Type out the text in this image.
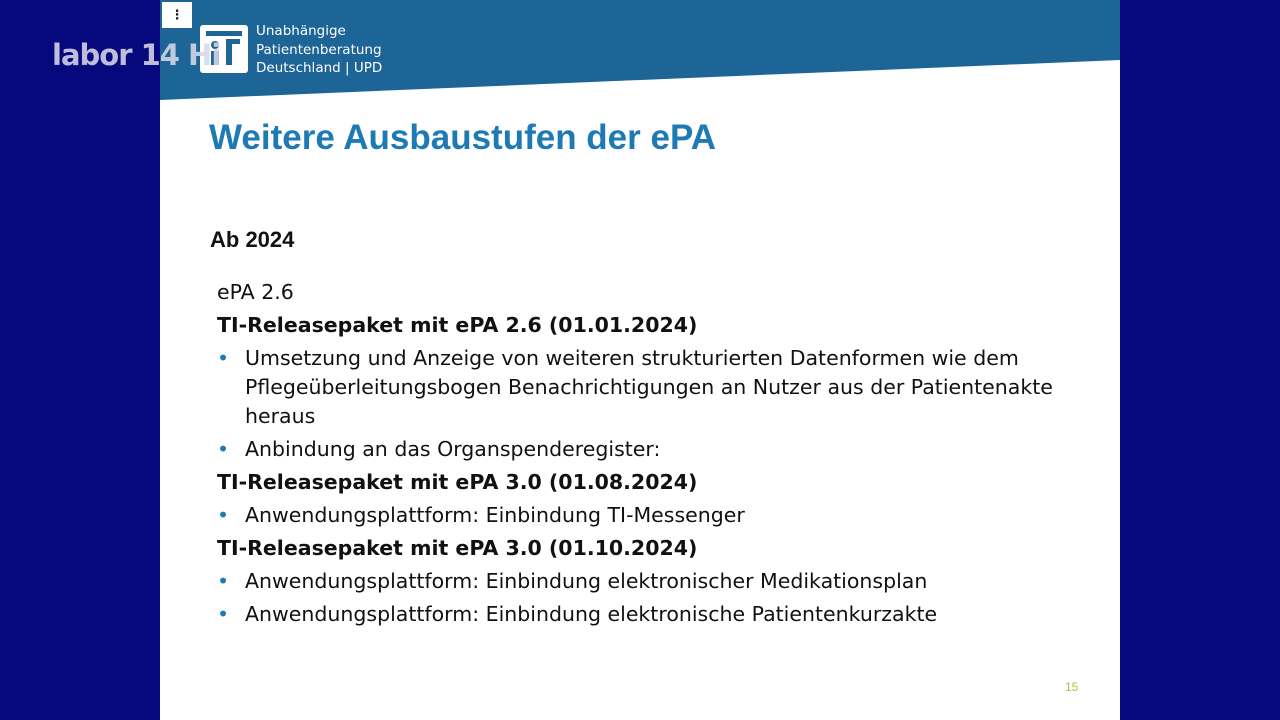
⋮
Unabhängige
Patientenberatung
Deutschland | UPD
Weitere Ausbaustufen der ePA
Ab 2024
ePA 2.6
TI-Releasepaket mit ePA 2.6 (01.01.2024)
• Umsetzung und Anzeige von weiteren strukturierten Datenformen wie dem Pflegeüberleitungsbogen Benachrichtigungen an Nutzer aus der Patientenakte heraus
• Anbindung an das Organspenderegister:
TI-Releasepaket mit ePA 3.0 (01.08.2024)
• Anwendungsplattform: Einbindung TI-Messenger
TI-Releasepaket mit ePA 3.0 (01.10.2024)
• Anwendungsplattform: Einbindung elektronischer Medikationsplan
• Anwendungsplattform: Einbindung elektronische Patientenkurzakte
15
labor 14 Hi
